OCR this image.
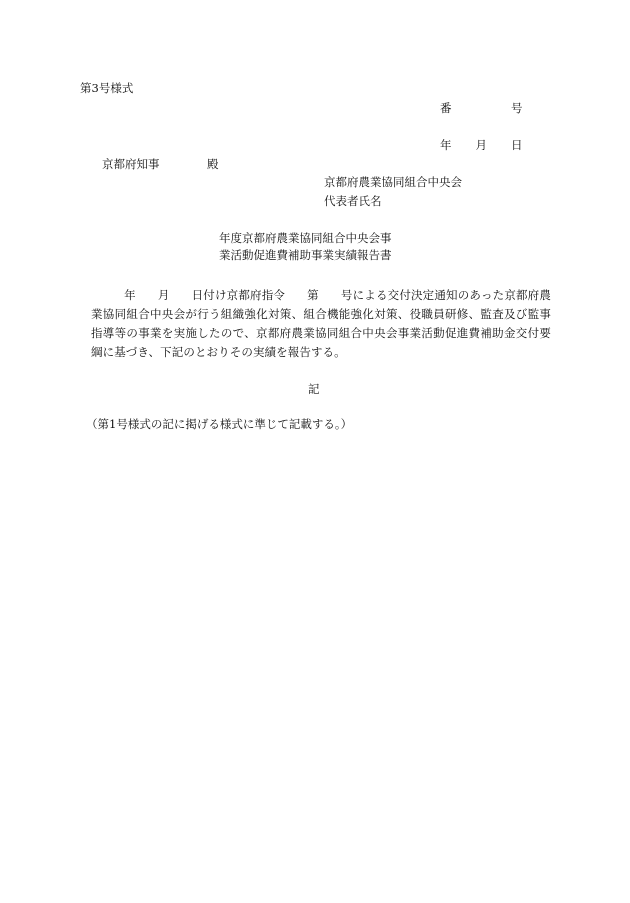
第3号様式
番	号
年 月 日
京都府知事	殿
京都府農業協同組合中央会
代表者氏名
年度京都府農業協同組合中央会事
業活動促進費補助事業実績報告書
年 月 日付け京都府指令 第 号による交付決定通知のあった京都府農業協同組合中央会が行う組織強化対策、組合機能強化対策、役職員研修、監査及び監事指導等の事業を実施したので、京都府農業協同組合中央会事業活動促進費補助金交付要綱に基づき、下記のとおりその実績を報告する。
記
（第1号様式の記に掲げる様式に準じて記載する。）
